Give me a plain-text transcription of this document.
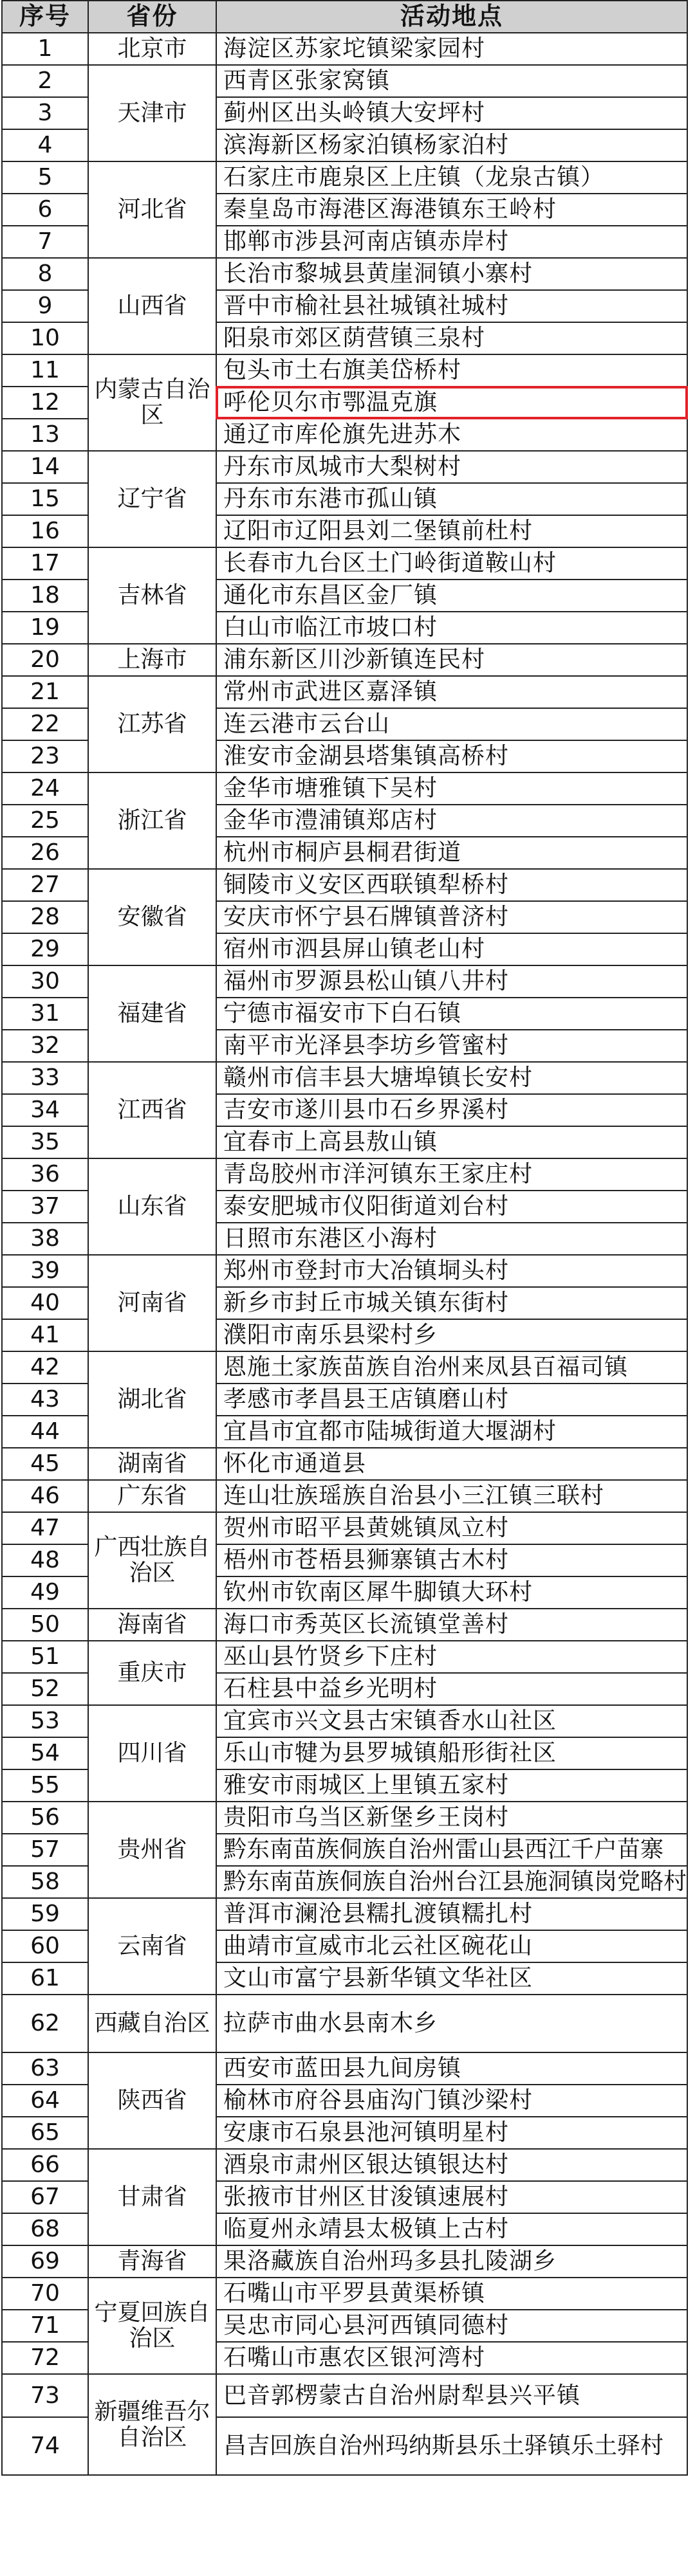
序号	省份	活动地点
1	北京市	海淀区苏家坨镇梁家园村
2	天津市	西青区张家窝镇
3		蓟州区出头岭镇大安坪村
4		滨海新区杨家泊镇杨家泊村
5	河北省	石家庄市鹿泉区上庄镇（龙泉古镇）
6		秦皇岛市海港区海港镇东王岭村
7		邯郸市涉县河南店镇赤岸村
8	山西省	长治市黎城县黄崖洞镇小寨村
9		晋中市榆社县社城镇社城村
10		阳泉市郊区荫营镇三泉村
11	内蒙古自治区	包头市土右旗美岱桥村
12		呼伦贝尔市鄂温克旗
13		通辽市库伦旗先进苏木
14	辽宁省	丹东市凤城市大梨树村
15		丹东市东港市孤山镇
16		辽阳市辽阳县刘二堡镇前杜村
17	吉林省	长春市九台区土门岭街道鞍山村
18		通化市东昌区金厂镇
19		白山市临江市坡口村
20	上海市	浦东新区川沙新镇连民村
21	江苏省	常州市武进区嘉泽镇
22		连云港市云台山
23		淮安市金湖县塔集镇高桥村
24	浙江省	金华市塘雅镇下吴村
25		金华市澧浦镇郑店村
26		杭州市桐庐县桐君街道
27	安徽省	铜陵市义安区西联镇犁桥村
28		安庆市怀宁县石牌镇普济村
29		宿州市泗县屏山镇老山村
30	福建省	福州市罗源县松山镇八井村
31		宁德市福安市下白石镇
32		南平市光泽县李坊乡管蜜村
33	江西省	赣州市信丰县大塘埠镇长安村
34		吉安市遂川县巾石乡界溪村
35		宜春市上高县敖山镇
36	山东省	青岛胶州市洋河镇东王家庄村
37		泰安肥城市仪阳街道刘台村
38		日照市东港区小海村
39	河南省	郑州市登封市大冶镇垌头村
40		新乡市封丘市城关镇东街村
41		濮阳市南乐县梁村乡
42	湖北省	恩施土家族苗族自治州来凤县百福司镇
43		孝感市孝昌县王店镇磨山村
44		宜昌市宜都市陆城街道大堰湖村
45	湖南省	怀化市通道县
46	广东省	连山壮族瑶族自治县小三江镇三联村
47	广西壮族自治区	贺州市昭平县黄姚镇凤立村
48		梧州市苍梧县狮寨镇古木村
49		钦州市钦南区犀牛脚镇大环村
50	海南省	海口市秀英区长流镇堂善村
51	重庆市	巫山县竹贤乡下庄村
52		石柱县中益乡光明村
53	四川省	宜宾市兴文县古宋镇香水山社区
54		乐山市犍为县罗城镇船形街社区
55		雅安市雨城区上里镇五家村
56	贵州省	贵阳市乌当区新堡乡王岗村
57		黔东南苗族侗族自治州雷山县西江千户苗寨
58		黔东南苗族侗族自治州台江县施洞镇岗党略村
59	云南省	普洱市澜沧县糯扎渡镇糯扎村
60		曲靖市宣威市北云社区碗花山
61		文山市富宁县新华镇文华社区
62	西藏自治区	拉萨市曲水县南木乡
63	陕西省	西安市蓝田县九间房镇
64		榆林市府谷县庙沟门镇沙梁村
65		安康市石泉县池河镇明星村
66	甘肃省	酒泉市肃州区银达镇银达村
67		张掖市甘州区甘浚镇速展村
68		临夏州永靖县太极镇上古村
69	青海省	果洛藏族自治州玛多县扎陵湖乡
70	宁夏回族自治区	石嘴山市平罗县黄渠桥镇
71		吴忠市同心县河西镇同德村
72		石嘴山市惠农区银河湾村
73	新疆维吾尔自治区	巴音郭楞蒙古自治州尉犁县兴平镇
74		昌吉回族自治州玛纳斯县乐土驿镇乐土驿村
